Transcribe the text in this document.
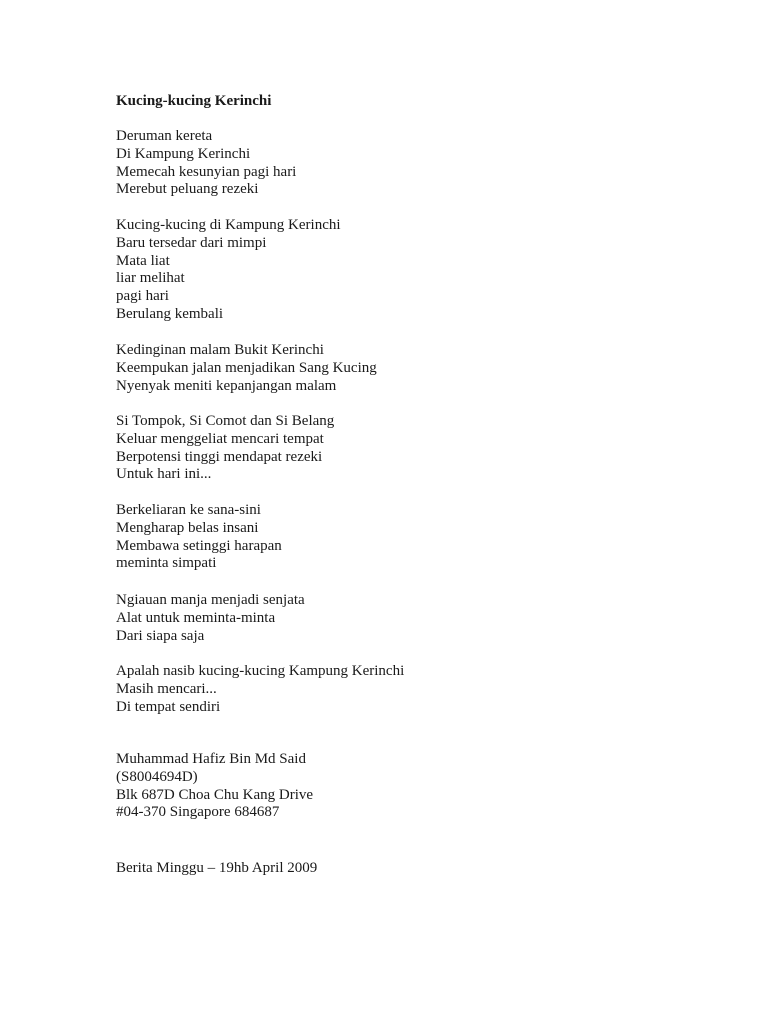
Kucing-kucing Kerinchi
Deruman kereta
Di Kampung Kerinchi
Memecah kesunyian pagi hari
Merebut peluang rezeki
Kucing-kucing di Kampung Kerinchi
Baru tersedar dari mimpi
Mata liat
liar melihat
pagi hari
Berulang kembali
Kedinginan malam Bukit Kerinchi
Keempukan jalan menjadikan Sang Kucing
Nyenyak meniti kepanjangan malam
Si Tompok, Si Comot dan Si Belang
Keluar menggeliat mencari tempat
Berpotensi tinggi mendapat rezeki
Untuk hari ini...
Berkeliaran ke sana-sini
Mengharap belas insani
Membawa setinggi harapan
meminta simpati
Ngiauan manja menjadi senjata
Alat untuk meminta-minta
Dari siapa saja
Apalah nasib kucing-kucing Kampung Kerinchi
Masih mencari...
Di tempat sendiri
Muhammad Hafiz Bin Md Said
(S8004694D)
Blk 687D Choa Chu Kang Drive
#04-370 Singapore 684687
Berita Minggu – 19hb April 2009
